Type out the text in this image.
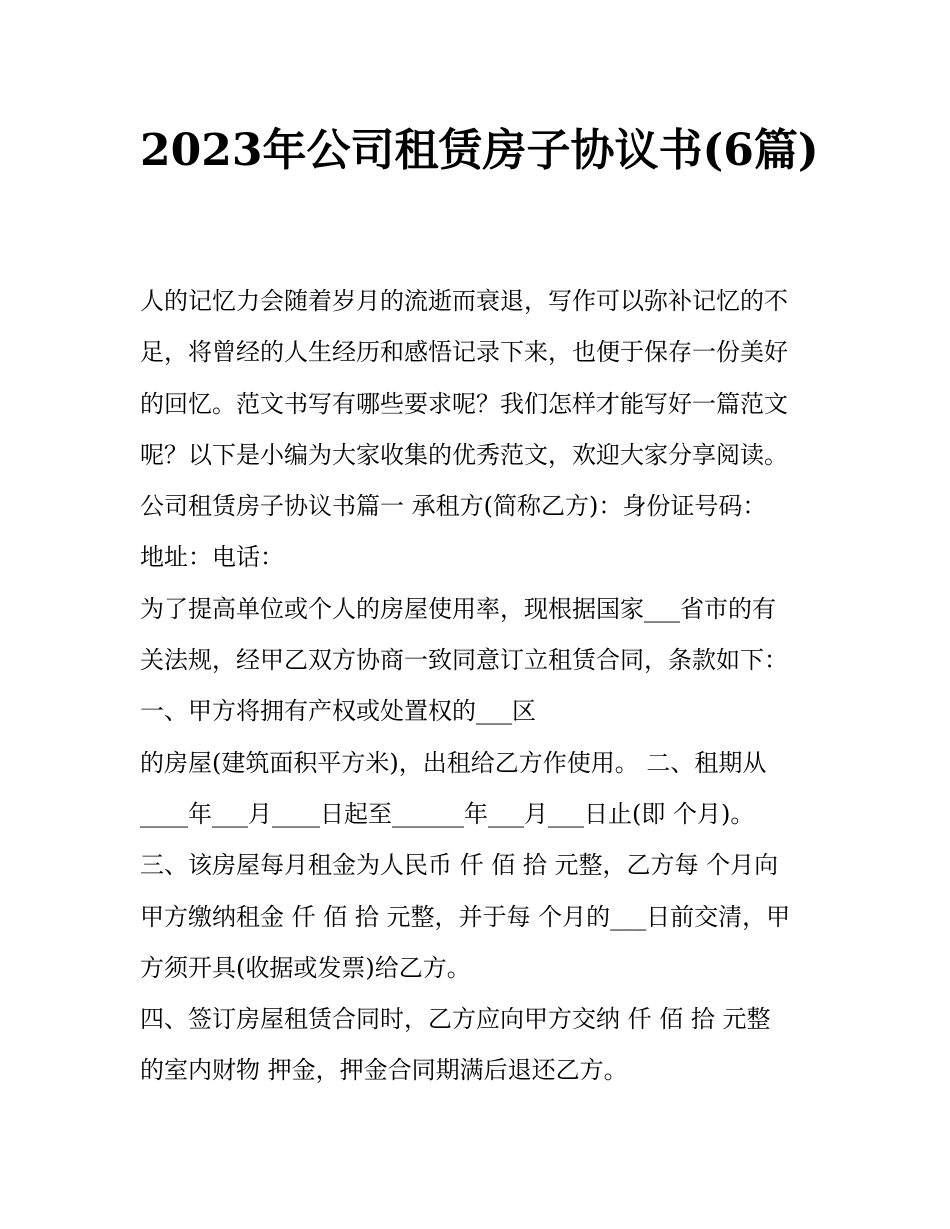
2023年公司租赁房子协议书(6篇)
人的记忆力会随着岁月的流逝而衰退，写作可以弥补记忆的不
足，将曾经的人生经历和感悟记录下来，也便于保存一份美好
的回忆。范文书写有哪些要求呢？我们怎样才能写好一篇范文
呢？以下是小编为大家收集的优秀范文，欢迎大家分享阅读。
公司租赁房子协议书篇一 承租方(简称乙方)：身份证号码：
地址：电话：
为了提高单位或个人的房屋使用率，现根据国家___省市的有
关法规，经甲乙双方协商一致同意订立租赁合同，条款如下：
一、甲方将拥有产权或处置权的___区
的房屋(建筑面积平方米)，出租给乙方作使用。 二、租期从
____年___月____日起至______年___月___日止(即 个月)。
三、该房屋每月租金为人民币 仟 佰 拾 元整，乙方每 个月向
甲方缴纳租金 仟 佰 拾 元整，并于每 个月的___日前交清，甲
方须开具(收据或发票)给乙方。
四、签订房屋租赁合同时，乙方应向甲方交纳 仟 佰 拾 元整
的室内财物 押金，押金合同期满后退还乙方。
